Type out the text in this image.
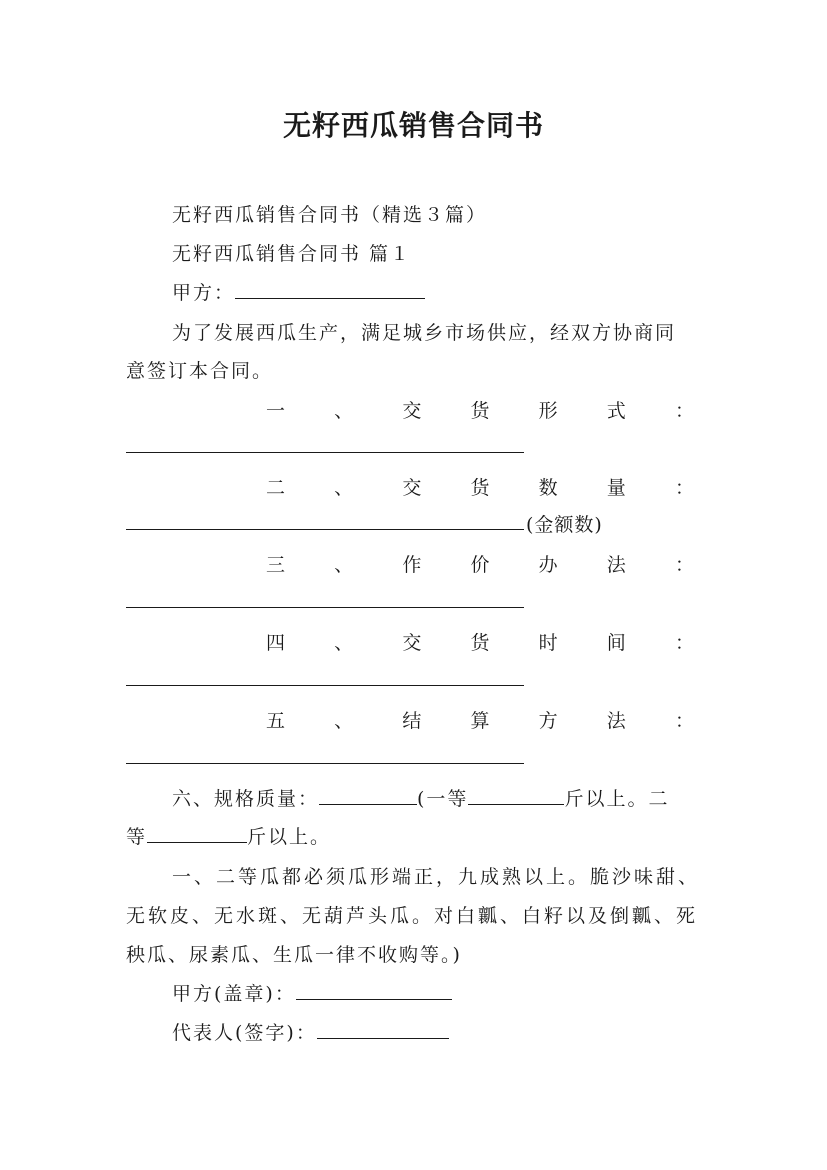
无籽西瓜销售合同书
无籽西瓜销售合同书（精选３篇）
无籽西瓜销售合同书 篇１
甲方：
为了发展西瓜生产，满足城乡市场供应，经双方协商同
意签订本合同。
一	、	交	货	形	式	：
二	、	交	货	数	量	：
(金额数)
三	、	作	价	办	法	：
四	、	交	货	时	间	：
五	、	结	算	方	法	：
六、规格质量：	(一等	斤以上。二
等	斤以上。
一、二等瓜都必须瓜形端正，九成熟以上。脆沙味甜、
无软皮、无水斑、无葫芦头瓜。对白瓤、白籽以及倒瓤、死
秧瓜、尿素瓜、生瓜一律不收购等。)
甲方(盖章)：
代表人(签字)：
